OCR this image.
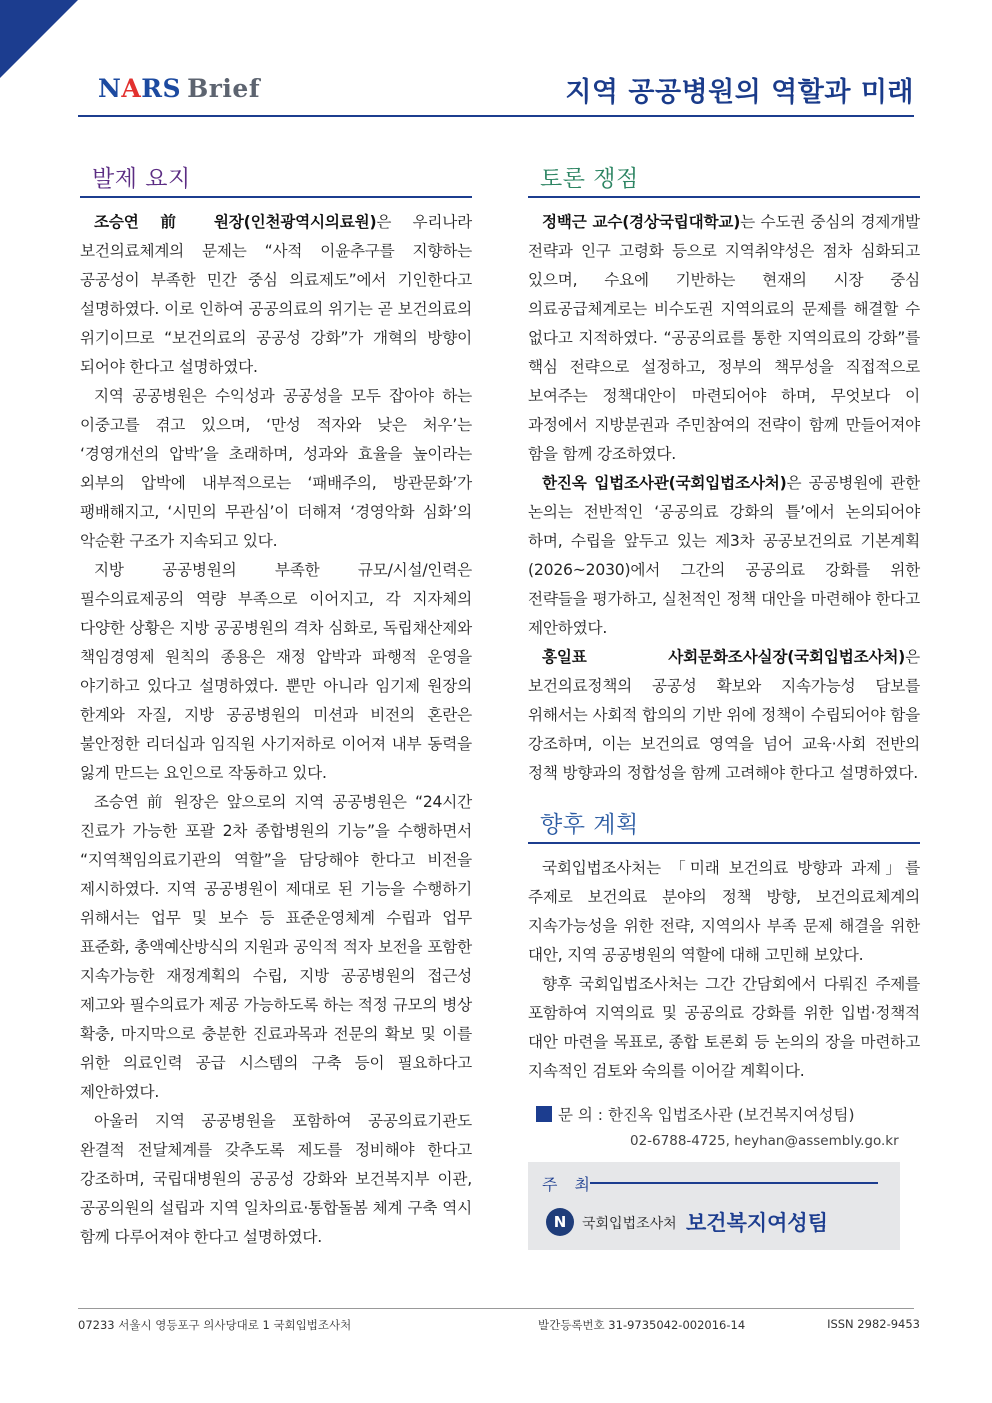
NARS Brief	지역 공공병원의 역할과 미래
발제 요지

조승연 前 원장(인천광역시의료원)은 우리나라 보건의료체계의 문제는 “사적 이윤추구를 지향하는 공공성이 부족한 민간 중심 의료제도”에서 기인한다고 설명하였다. 이로 인하여 공공의료의 위기는 곧 보건의료의 위기이므로 “보건의료의 공공성 강화”가 개혁의 방향이 되어야 한다고 설명하였다.

지역 공공병원은 수익성과 공공성을 모두 잡아야 하는 이중고를 겪고 있으며, ‘만성 적자와 낮은 처우’는 ‘경영개선의 압박’을 초래하며, 성과와 효율을 높이라는 외부의 압박에 내부적으로는 ‘패배주의, 방관문화’가 팽배해지고, ‘시민의 무관심’이 더해져 ‘경영악화 심화’의 악순환 구조가 지속되고 있다.

지방 공공병원의 부족한 규모/시설/인력은 필수의료제공의 역량 부족으로 이어지고, 각 지자체의 다양한 상황은 지방 공공병원의 격차 심화로, 독립채산제와 책임경영제 원칙의 종용은 재정 압박과 파행적 운영을 야기하고 있다고 설명하였다. 뿐만 아니라 임기제 원장의 한계와 자질, 지방 공공병원의 미션과 비전의 혼란은 불안정한 리더십과 임직원 사기저하로 이어져 내부 동력을 잃게 만드는 요인으로 작동하고 있다.

조승연 前 원장은 앞으로의 지역 공공병원은 “24시간 진료가 가능한 포괄 2차 종합병원의 기능”을 수행하면서 “지역책임의료기관의 역할”을 담당해야 한다고 비전을 제시하였다. 지역 공공병원이 제대로 된 기능을 수행하기 위해서는 업무 및 보수 등 표준운영체계 수립과 업무 표준화, 총액예산방식의 지원과 공익적 적자 보전을 포함한 지속가능한 재정계획의 수립, 지방 공공병원의 접근성 제고와 필수의료가 제공 가능하도록 하는 적정 규모의 병상 확충, 마지막으로 충분한 진료과목과 전문의 확보 및 이를 위한 의료인력 공급 시스템의 구축 등이 필요하다고 제안하였다.

아울러 지역 공공병원을 포함하여 공공의료기관도 완결적 전달체계를 갖추도록 제도를 정비해야 한다고 강조하며, 국립대병원의 공공성 강화와 보건복지부 이관, 공공의원의 설립과 지역 일차의료·통합돌봄 체계 구축 역시 함께 다루어져야 한다고 설명하였다.

토론 쟁점

정백근 교수(경상국립대학교)는 수도권 중심의 경제개발 전략과 인구 고령화 등으로 지역취약성은 점차 심화되고 있으며, 수요에 기반하는 현재의 시장 중심 의료공급체계로는 비수도권 지역의료의 문제를 해결할 수 없다고 지적하였다. “공공의료를 통한 지역의료의 강화”를 핵심 전략으로 설정하고, 정부의 책무성을 직접적으로 보여주는 정책대안이 마련되어야 하며, 무엇보다 이 과정에서 지방분권과 주민참여의 전략이 함께 만들어져야 함을 함께 강조하였다.

한진옥 입법조사관(국회입법조사처)은 공공병원에 관한 논의는 전반적인 ‘공공의료 강화의 틀’에서 논의되어야 하며, 수립을 앞두고 있는 제3차 공공보건의료 기본계획(2026~2030)에서 그간의 공공의료 강화를 위한 전략들을 평가하고, 실천적인 정책 대안을 마련해야 한다고 제안하였다.

홍일표 사회문화조사실장(국회입법조사처)은 보건의료정책의 공공성 확보와 지속가능성 담보를 위해서는 사회적 합의의 기반 위에 정책이 수립되어야 함을 강조하며, 이는 보건의료 영역을 넘어 교육·사회 전반의 정책 방향과의 정합성을 함께 고려해야 한다고 설명하였다.

향후 계획

국회입법조사처는 「미래 보건의료 방향과 과제」를 주제로 보건의료 분야의 정책 방향, 보건의료체계의 지속가능성을 위한 전략, 지역의사 부족 문제 해결을 위한 대안, 지역 공공병원의 역할에 대해 고민해 보았다.

향후 국회입법조사처는 그간 간담회에서 다뤄진 주제를 포함하여 지역의료 및 공공의료 강화를 위한 입법·정책적 대안 마련을 목표로, 종합 토론회 등 논의의 장을 마련하고 지속적인 검토와 숙의를 이어갈 계획이다.

문 의 : 한진옥 입법조사관 (보건복지여성팀)
02-6788-4725, heyhan@assembly.go.kr
주 최
N	국회입법조사처 보건복지여성팀
07233 서울시 영등포구 의사당대로 1 국회입법조사처	발간등록번호 31-9735042-002016-14	ISSN 2982-9453
